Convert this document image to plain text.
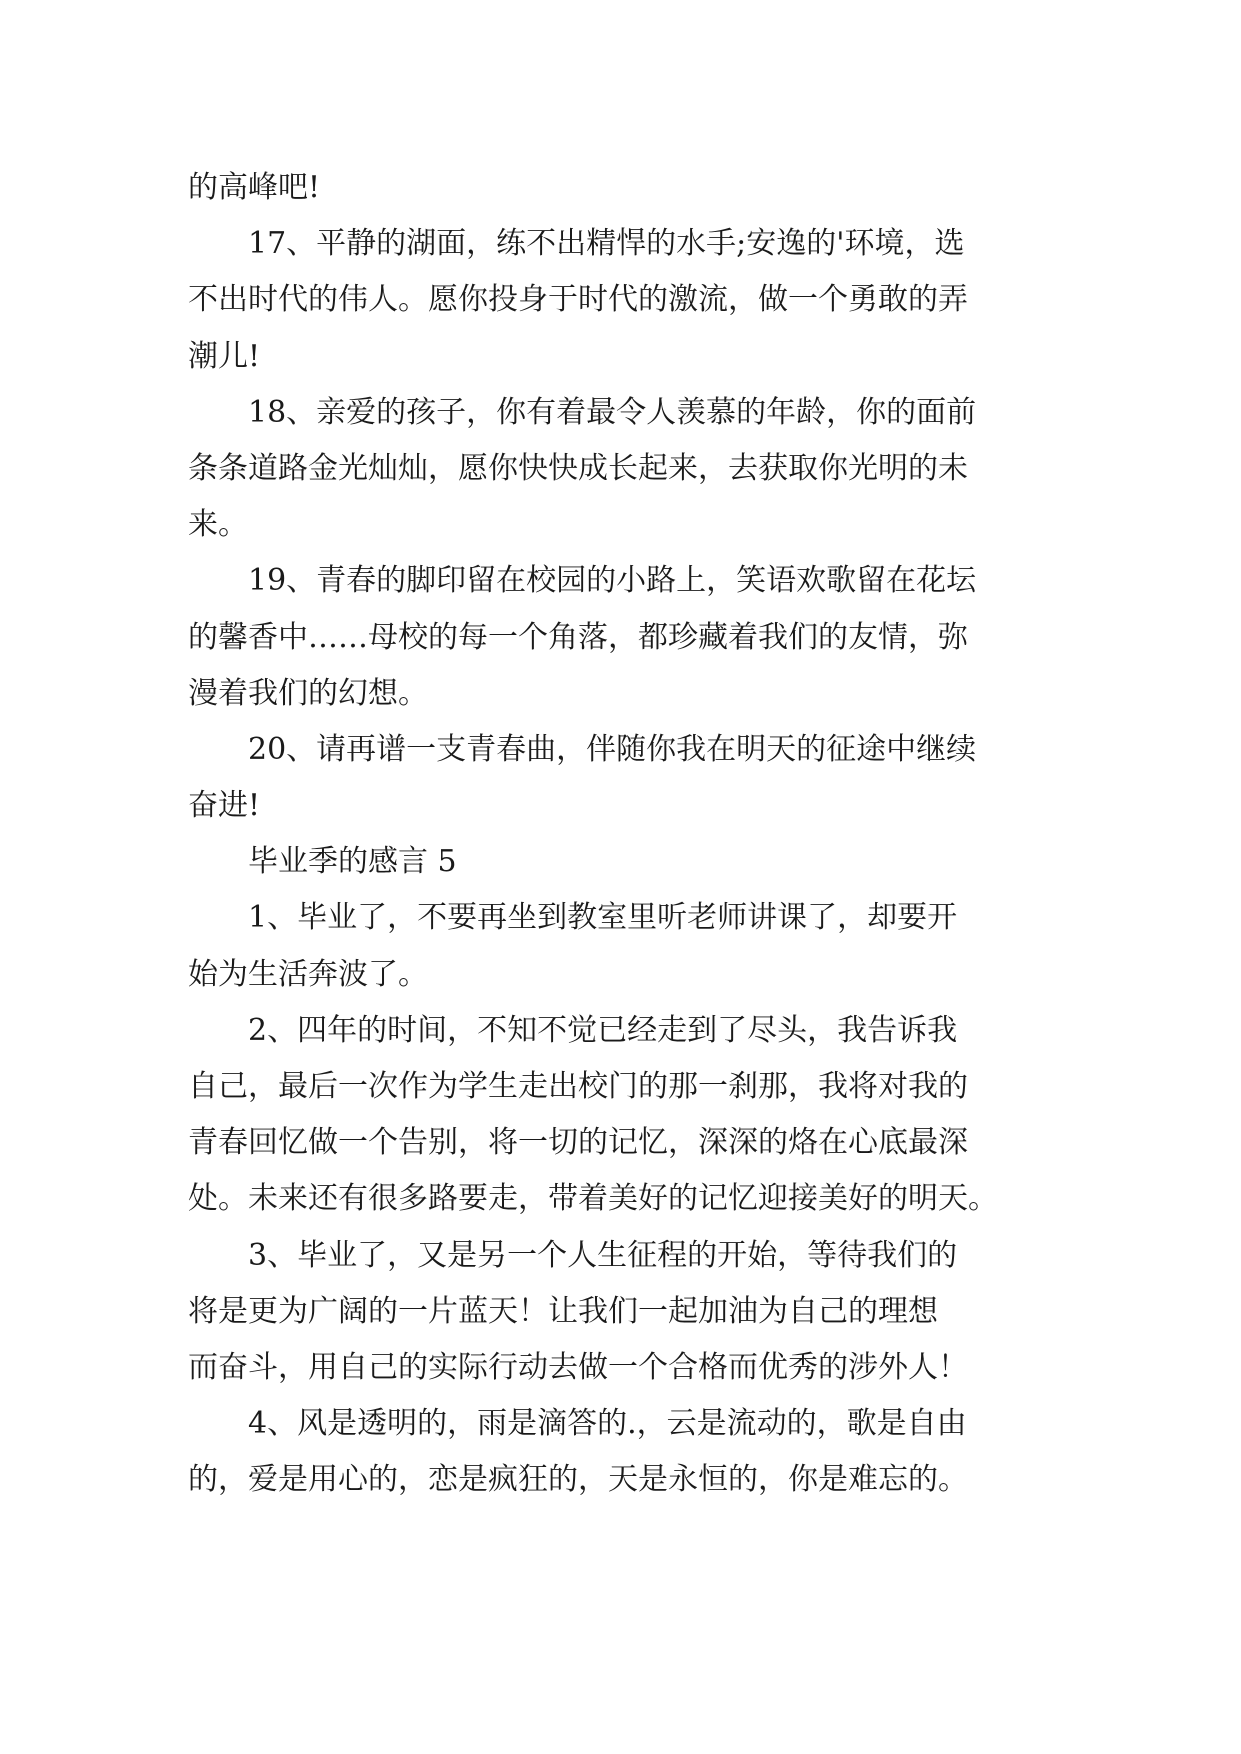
的高峰吧!
17、平静的湖面，练不出精悍的水手;安逸的'环境，选
不出时代的伟人。愿你投身于时代的激流，做一个勇敢的弄
潮儿!
18、亲爱的孩子，你有着最令人羡慕的年龄，你的面前
条条道路金光灿灿，愿你快快成长起来，去获取你光明的未
来。
19、青春的脚印留在校园的小路上，笑语欢歌留在花坛
的馨香中……母校的每一个角落，都珍藏着我们的友情，弥
漫着我们的幻想。
20、请再谱一支青春曲，伴随你我在明天的征途中继续
奋进!
毕业季的感言 5
1、毕业了，不要再坐到教室里听老师讲课了，却要开
始为生活奔波了。
2、四年的时间，不知不觉已经走到了尽头，我告诉我
自己，最后一次作为学生走出校门的那一刹那，我将对我的
青春回忆做一个告别，将一切的记忆，深深的烙在心底最深
处。未来还有很多路要走，带着美好的记忆迎接美好的明天。
3、毕业了，又是另一个人生征程的开始，等待我们的
将是更为广阔的一片蓝天！让我们一起加油为自己的理想
而奋斗，用自己的实际行动去做一个合格而优秀的涉外人！
4、风是透明的，雨是滴答的.，云是流动的，歌是自由
的，爱是用心的，恋是疯狂的，天是永恒的，你是难忘的。
